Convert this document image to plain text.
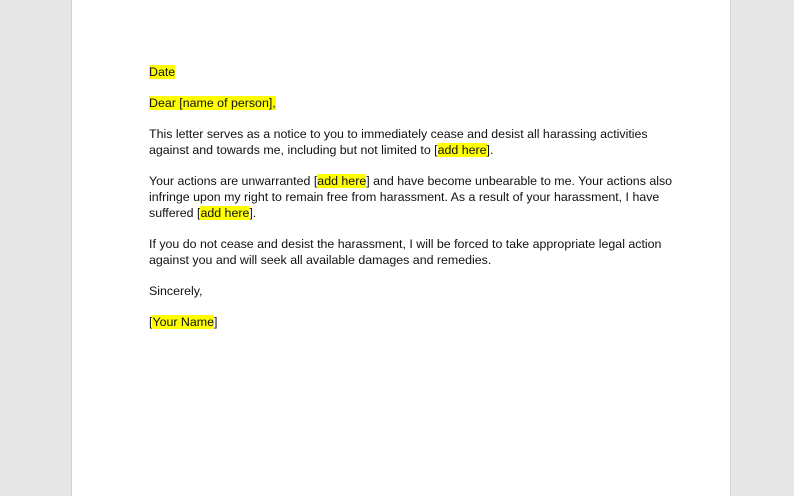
Date
Dear [name of person],
This letter serves as a notice to you to immediately cease and desist all harassing activities
against and towards me, including but not limited to [add here].
Your actions are unwarranted [add here] and have become unbearable to me. Your actions also
infringe upon my right to remain free from harassment. As a result of your harassment, I have
suffered [add here].
If you do not cease and desist the harassment, I will be forced to take appropriate legal action
against you and will seek all available damages and remedies.
Sincerely,
[Your Name]
